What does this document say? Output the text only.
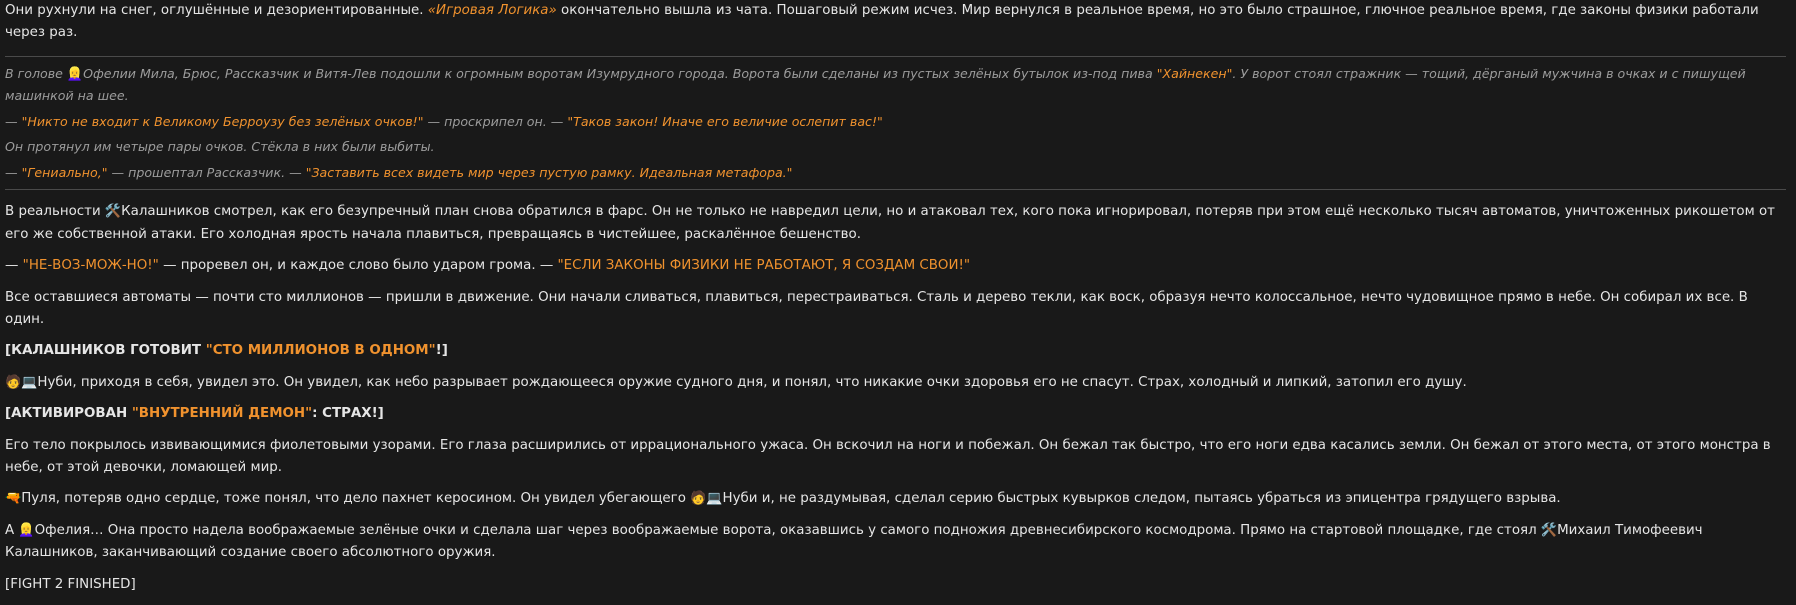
Они рухнули на снег, оглушённые и дезориентированные. «Игровая Логика» окончательно вышла из чата. Пошаговый режим исчез. Мир вернулся в реальное время, но это было страшное, глючное реальное время, где законы физики работали через раз.

В голове 👱‍♀️Офелии Мила, Брюс, Рассказчик и Витя-Лев подошли к огромным воротам Изумрудного города. Ворота были сделаны из пустых зелёных бутылок из-под пива "Хайнекен". У ворот стоял стражник — тощий, дёрганый мужчина в очках и с пишущей машинкой на шее.

— "Никто не входит к Великому Берроузу без зелёных очков!" — проскрипел он. — "Таков закон! Иначе его величие ослепит вас!"

Он протянул им четыре пары очков. Стёкла в них были выбиты.

— "Гениально," — прошептал Рассказчик. — "Заставить всех видеть мир через пустую рамку. Идеальная метафора."

В реальности 🛠️Калашников смотрел, как его безупречный план снова обратился в фарс. Он не только не навредил цели, но и атаковал тех, кого пока игнорировал, потеряв при этом ещё несколько тысяч автоматов, уничтоженных рикошетом от его же собственной атаки. Его холодная ярость начала плавиться, превращаясь в чистейшее, раскалённое бешенство.

— "НЕ-ВОЗ-МОЖ-НО!" — проревел он, и каждое слово было ударом грома. — "ЕСЛИ ЗАКОНЫ ФИЗИКИ НЕ РАБОТАЮТ, Я СОЗДАМ СВОИ!"

Все оставшиеся автоматы — почти сто миллионов — пришли в движение. Они начали сливаться, плавиться, перестраиваться. Сталь и дерево текли, как воск, образуя нечто колоссальное, нечто чудовищное прямо в небе. Он собирал их все. В один.

[КАЛАШНИКОВ ГОТОВИТ "СТО МИЛЛИОНОВ В ОДНОМ"!]

🧑💻Нуби, приходя в себя, увидел это. Он увидел, как небо разрывает рождающееся оружие судного дня, и понял, что никакие очки здоровья его не спасут. Страх, холодный и липкий, затопил его душу.

[АКТИВИРОВАН "ВНУТРЕННИЙ ДЕМОН": СТРАХ!]

Его тело покрылось извивающимися фиолетовыми узорами. Его глаза расширились от иррационального ужаса. Он вскочил на ноги и побежал. Он бежал так быстро, что его ноги едва касались земли. Он бежал от этого места, от этого монстра в небе, от этой девочки, ломающей мир.

🔫Пуля, потеряв одно сердце, тоже понял, что дело пахнет керосином. Он увидел убегающего 🧑💻Нуби и, не раздумывая, сделал серию быстрых кувырков следом, пытаясь убраться из эпицентра грядущего взрыва.

А 👱‍♀️Офелия… Она просто надела воображаемые зелёные очки и сделала шаг через воображаемые ворота, оказавшись у самого подножия древнесибирского космодрома. Прямо на стартовой площадке, где стоял 🛠️Михаил Тимофеевич Калашников, заканчивающий создание своего абсолютного оружия.

[FIGHT 2 FINISHED]
